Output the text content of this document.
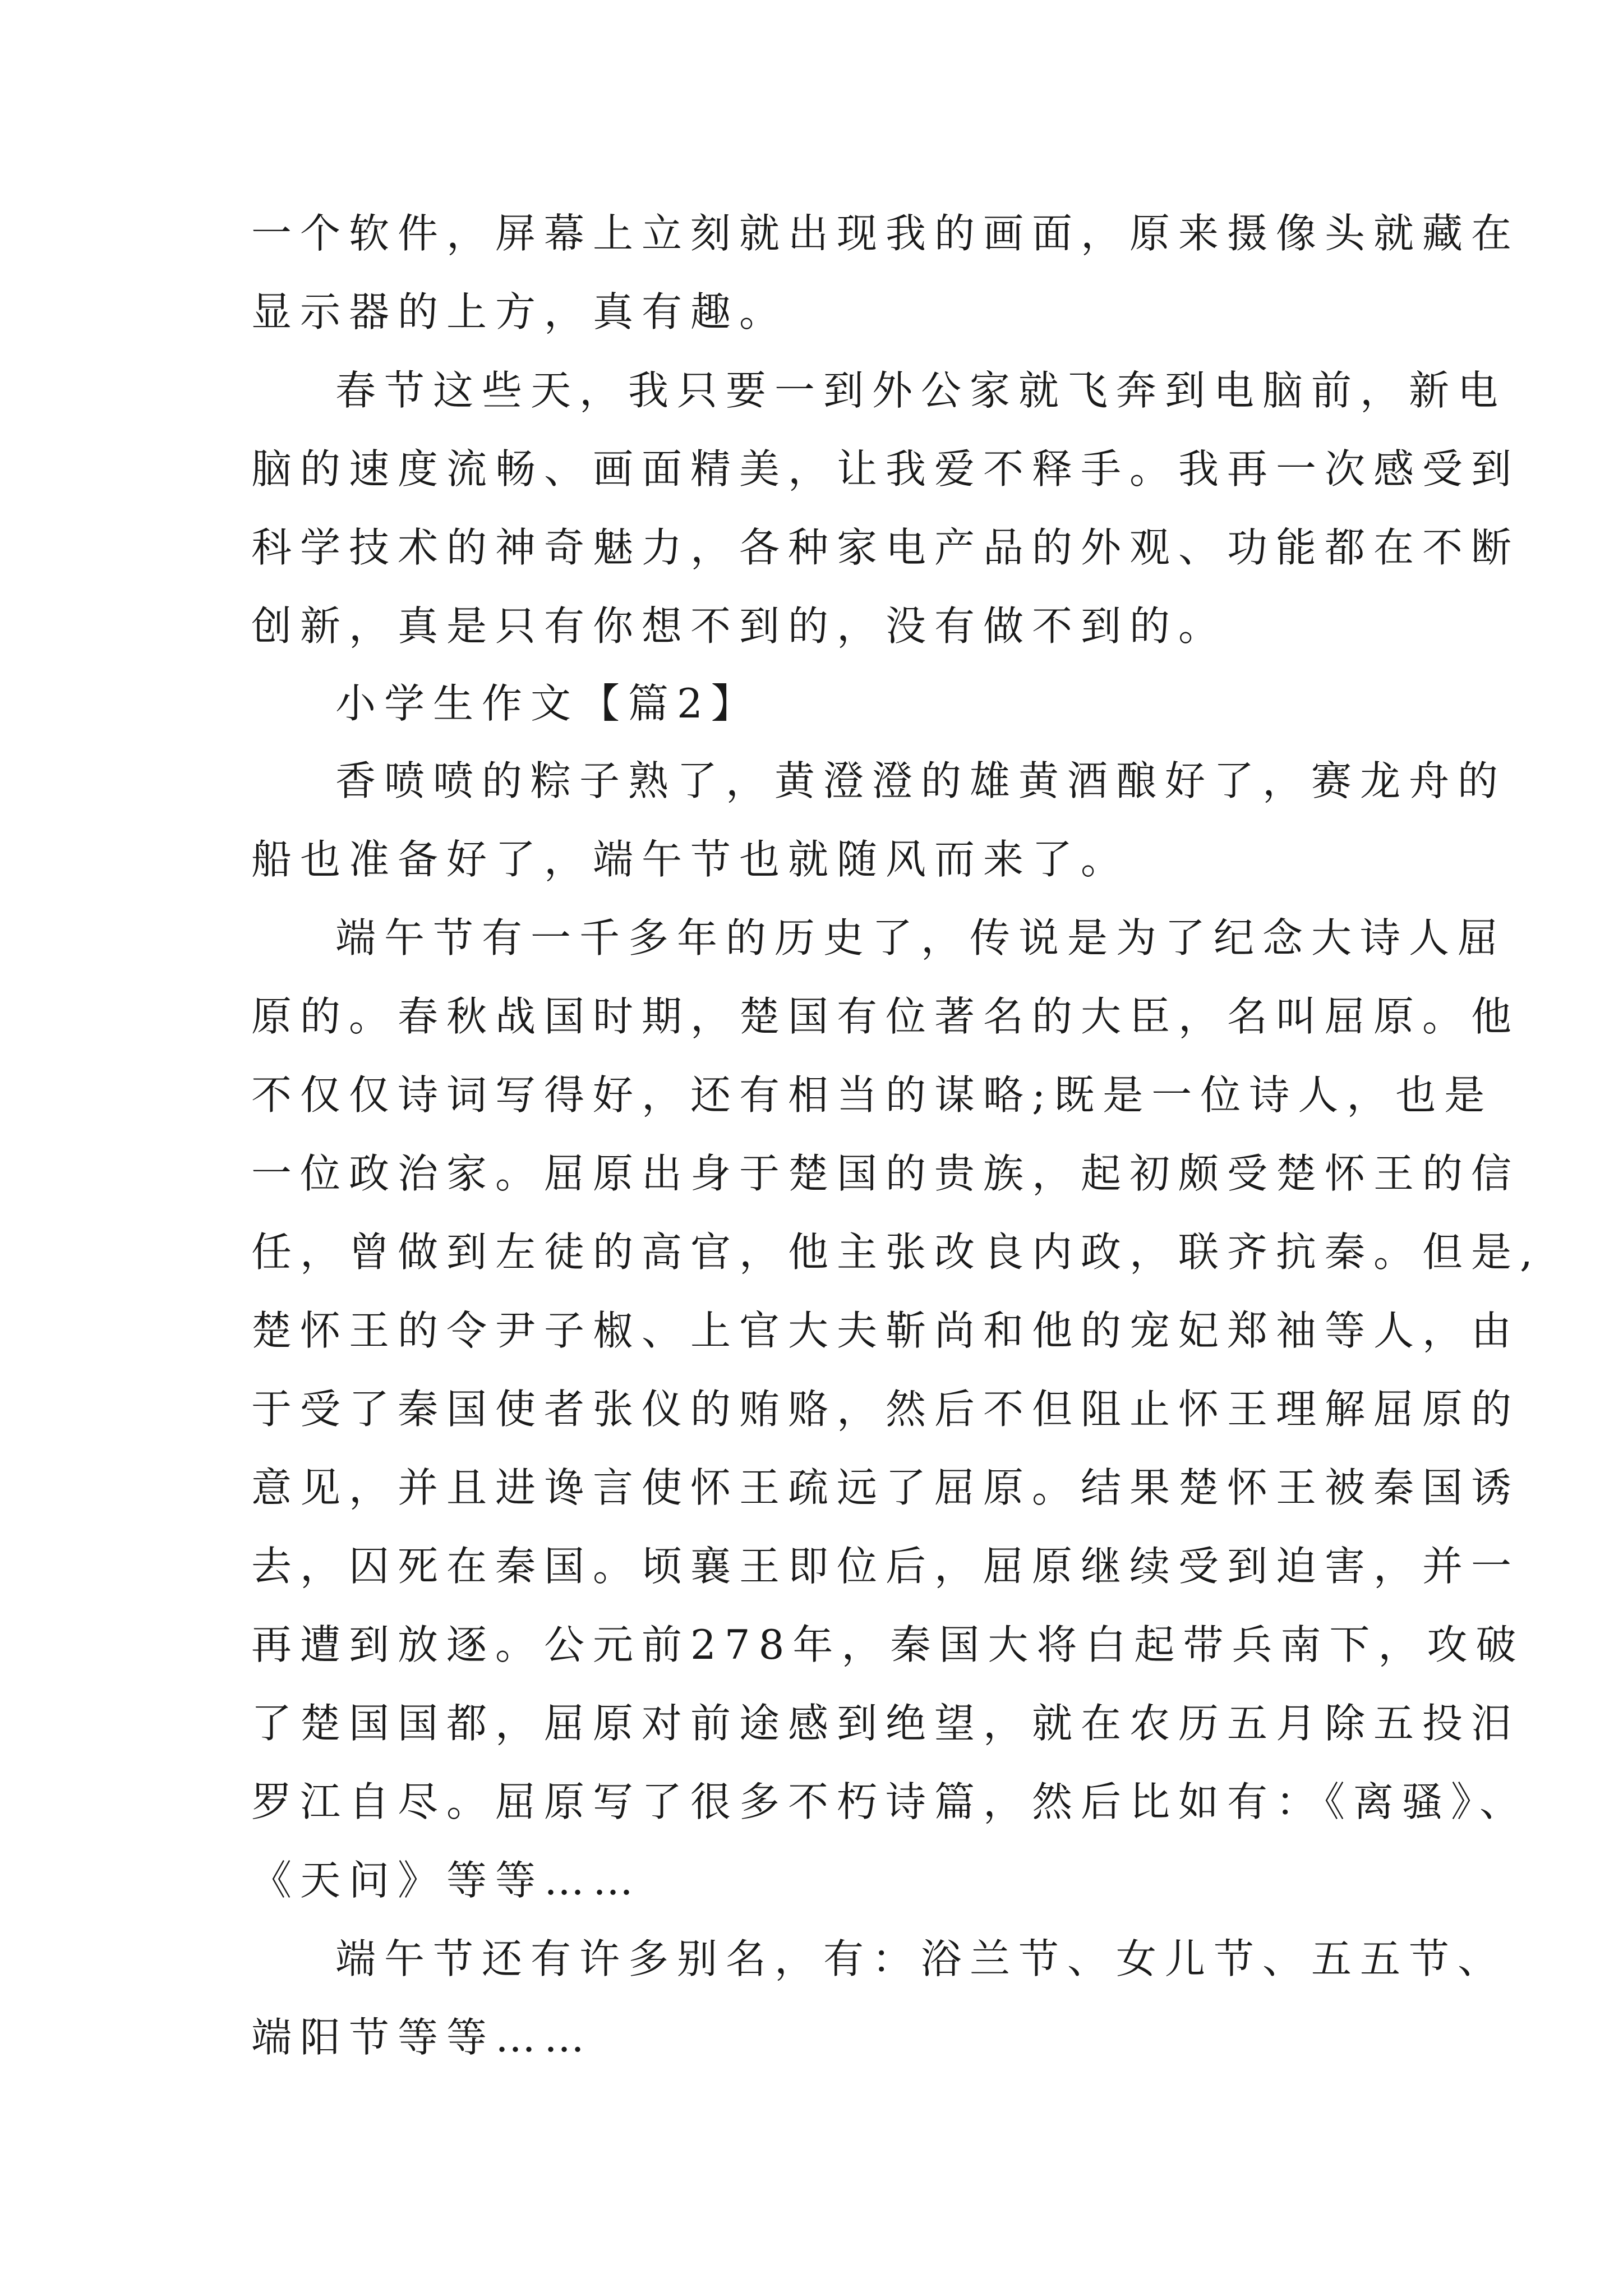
一个软件，屏幕上立刻就出现我的画面，原来摄像头就藏在
显示器的上方，真有趣。
春节这些天，我只要一到外公家就飞奔到电脑前，新电
脑的速度流畅、画面精美，让我爱不释手。我再一次感受到
科学技术的神奇魅力，各种家电产品的外观、功能都在不断
创新，真是只有你想不到的，没有做不到的。
小学生作文【篇2】
香喷喷的粽子熟了，黄澄澄的雄黄酒酿好了，赛龙舟的
船也准备好了，端午节也就随风而来了。
端午节有一千多年的历史了，传说是为了纪念大诗人屈
原的。春秋战国时期，楚国有位著名的大臣，名叫屈原。他
不仅仅诗词写得好，还有相当的谋略;既是一位诗人，也是
一位政治家。屈原出身于楚国的贵族，起初颇受楚怀王的信
任，曾做到左徒的高官，他主张改良内政，联齐抗秦。但是,
楚怀王的令尹子椒、上官大夫靳尚和他的宠妃郑袖等人，由
于受了秦国使者张仪的贿赂，然后不但阻止怀王理解屈原的
意见，并且进谗言使怀王疏远了屈原。结果楚怀王被秦国诱
去，囚死在秦国。顷襄王即位后，屈原继续受到迫害，并一
再遭到放逐。公元前278年，秦国大将白起带兵南下，攻破
了楚国国都，屈原对前途感到绝望，就在农历五月除五投汨
罗江自尽。屈原写了很多不朽诗篇，然后比如有：《离骚》、
《天问》等等……
端午节还有许多别名，有：浴兰节、女儿节、五五节、
端阳节等等……
